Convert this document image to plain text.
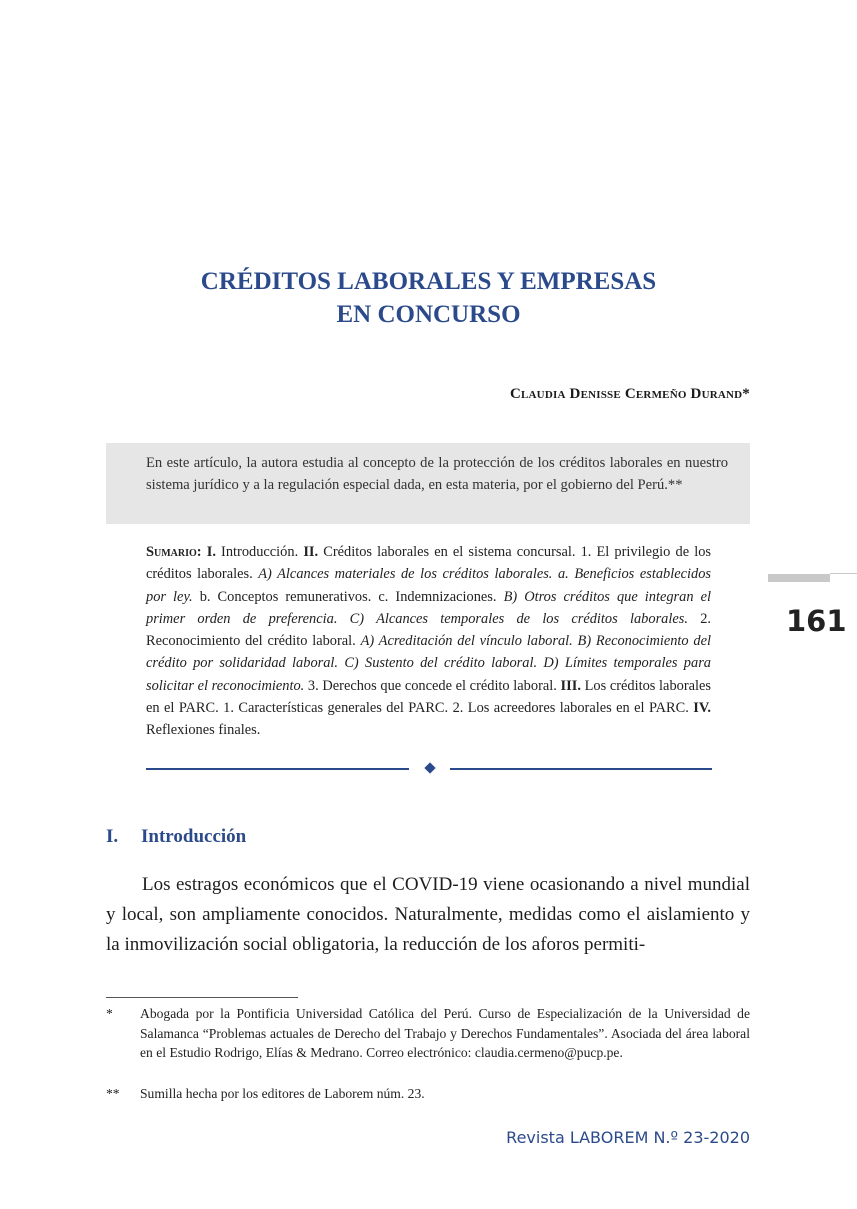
CRÉDITOS LABORALES Y EMPRESAS
EN CONCURSO
Claudia Denisse Cermeño Durand*
En este artículo, la autora estudia al concepto de la protección de los créditos laborales en nuestro sistema jurídico y a la regulación especial dada, en esta materia, por el gobierno del Perú.**
Sumario: I. Introducción. II. Créditos laborales en el sistema concursal. 1. El privilegio de los créditos laborales. A) Alcances materiales de los créditos laborales. a. Beneficios establecidos por ley. b. Conceptos remunerativos. c. Indemnizaciones. B) Otros créditos que integran el primer orden de preferencia. C) Alcances temporales de los créditos laborales. 2. Reconocimiento del crédito laboral. A) Acreditación del vínculo laboral. B) Reconocimiento del crédito por solidaridad laboral. C) Sustento del crédito laboral. D) Límites temporales para solicitar el reconocimiento. 3. Derechos que concede el crédito laboral. III. Los créditos laborales en el PARC. 1. Características generales del PARC. 2. Los acreedores laborales en el PARC. IV. Reflexiones finales.
161
I. Introducción
Los estragos económicos que el COVID-19 viene ocasionando a nivel mundial y local, son ampliamente conocidos. Naturalmente, medidas como el aislamiento y la inmovilización social obligatoria, la reducción de los aforos permiti-
* Abogada por la Pontificia Universidad Católica del Perú. Curso de Especialización de la Universidad de Salamanca “Problemas actuales de Derecho del Trabajo y Derechos Fundamentales”. Asociada del área laboral en el Estudio Rodrigo, Elías & Medrano. Correo electrónico: claudia.cermeno@pucp.pe.
** Sumilla hecha por los editores de Laborem núm. 23.
Revista LABOREM N.º 23-2020
